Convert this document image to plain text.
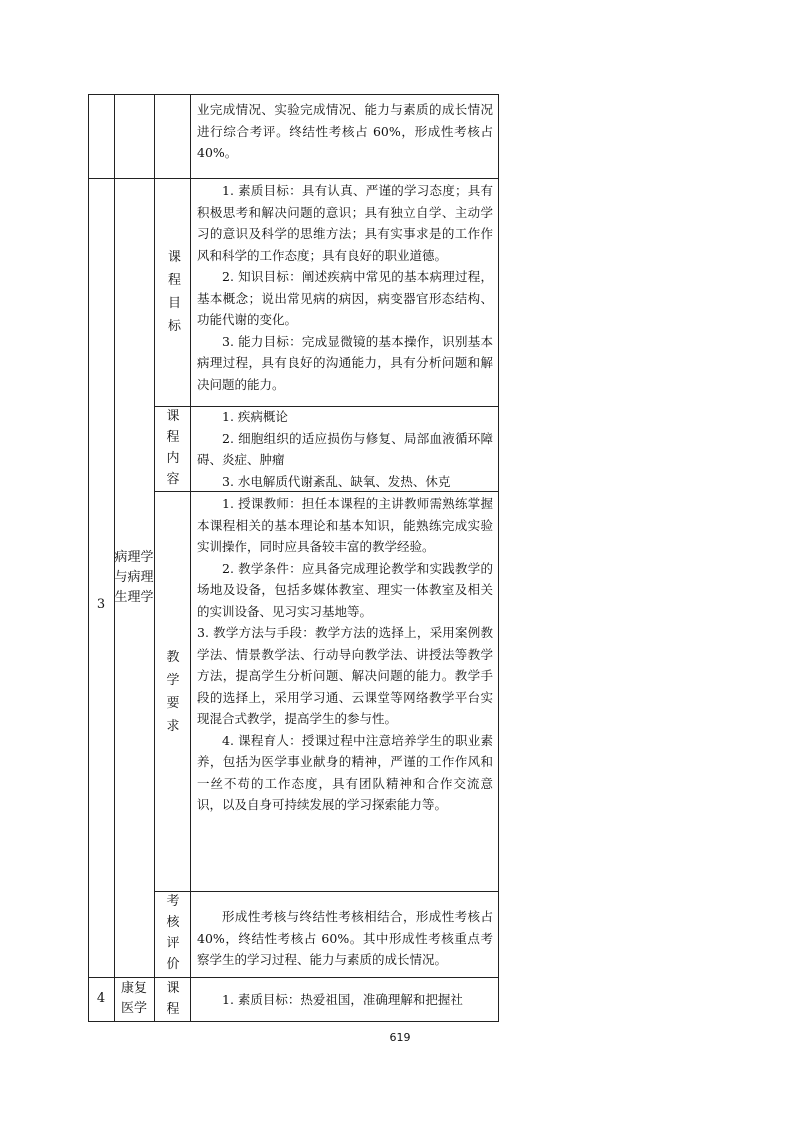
业完成情况、实验完成情况、能力与素质的成长情况进行综合考评。终结性考核占 60%，形成性考核占 40%。

3
病理学与病理生理学
课程目标

1. 素质目标：具有认真、严谨的学习态度；具有积极思考和解决问题的意识；具有独立自学、主动学习的意识及科学的思维方法；具有实事求是的工作作风和科学的工作态度；具有良好的职业道德。

2. 知识目标：阐述疾病中常见的基本病理过程，基本概念；说出常见病的病因，病变器官形态结构、功能代谢的变化。

3. 能力目标：完成显微镜的基本操作，识别基本病理过程，具有良好的沟通能力，具有分析问题和解决问题的能力。

课程内容

1. 疾病概论

2. 细胞组织的适应损伤与修复、局部血液循环障碍、炎症、肿瘤

3. 水电解质代谢紊乱、缺氧、发热、休克

教学要求

1. 授课教师：担任本课程的主讲教师需熟练掌握本课程相关的基本理论和基本知识，能熟练完成实验实训操作，同时应具备较丰富的教学经验。

2. 教学条件：应具备完成理论教学和实践教学的场地及设备，包括多媒体教室、理实一体教室及相关的实训设备、见习实习基地等。

3. 教学方法与手段：教学方法的选择上，采用案例教学法、情景教学法、行动导向教学法、讲授法等教学方法，提高学生分析问题、解决问题的能力。教学手段的选择上，采用学习通、云课堂等网络教学平台实现混合式教学，提高学生的参与性。

4. 课程育人：授课过程中注意培养学生的职业素养，包括为医学事业献身的精神，严谨的工作作风和一丝不苟的工作态度，具有团队精神和合作交流意识，以及自身可持续发展的学习探索能力等。

考核评价

形成性考核与终结性考核相结合，形成性考核占 40%，终结性考核占 60%。其中形成性考核重点考察学生的学习过程、能力与素质的成长情况。

4
康复医学
课程

1. 素质目标：热爱祖国，准确理解和把握社

619
